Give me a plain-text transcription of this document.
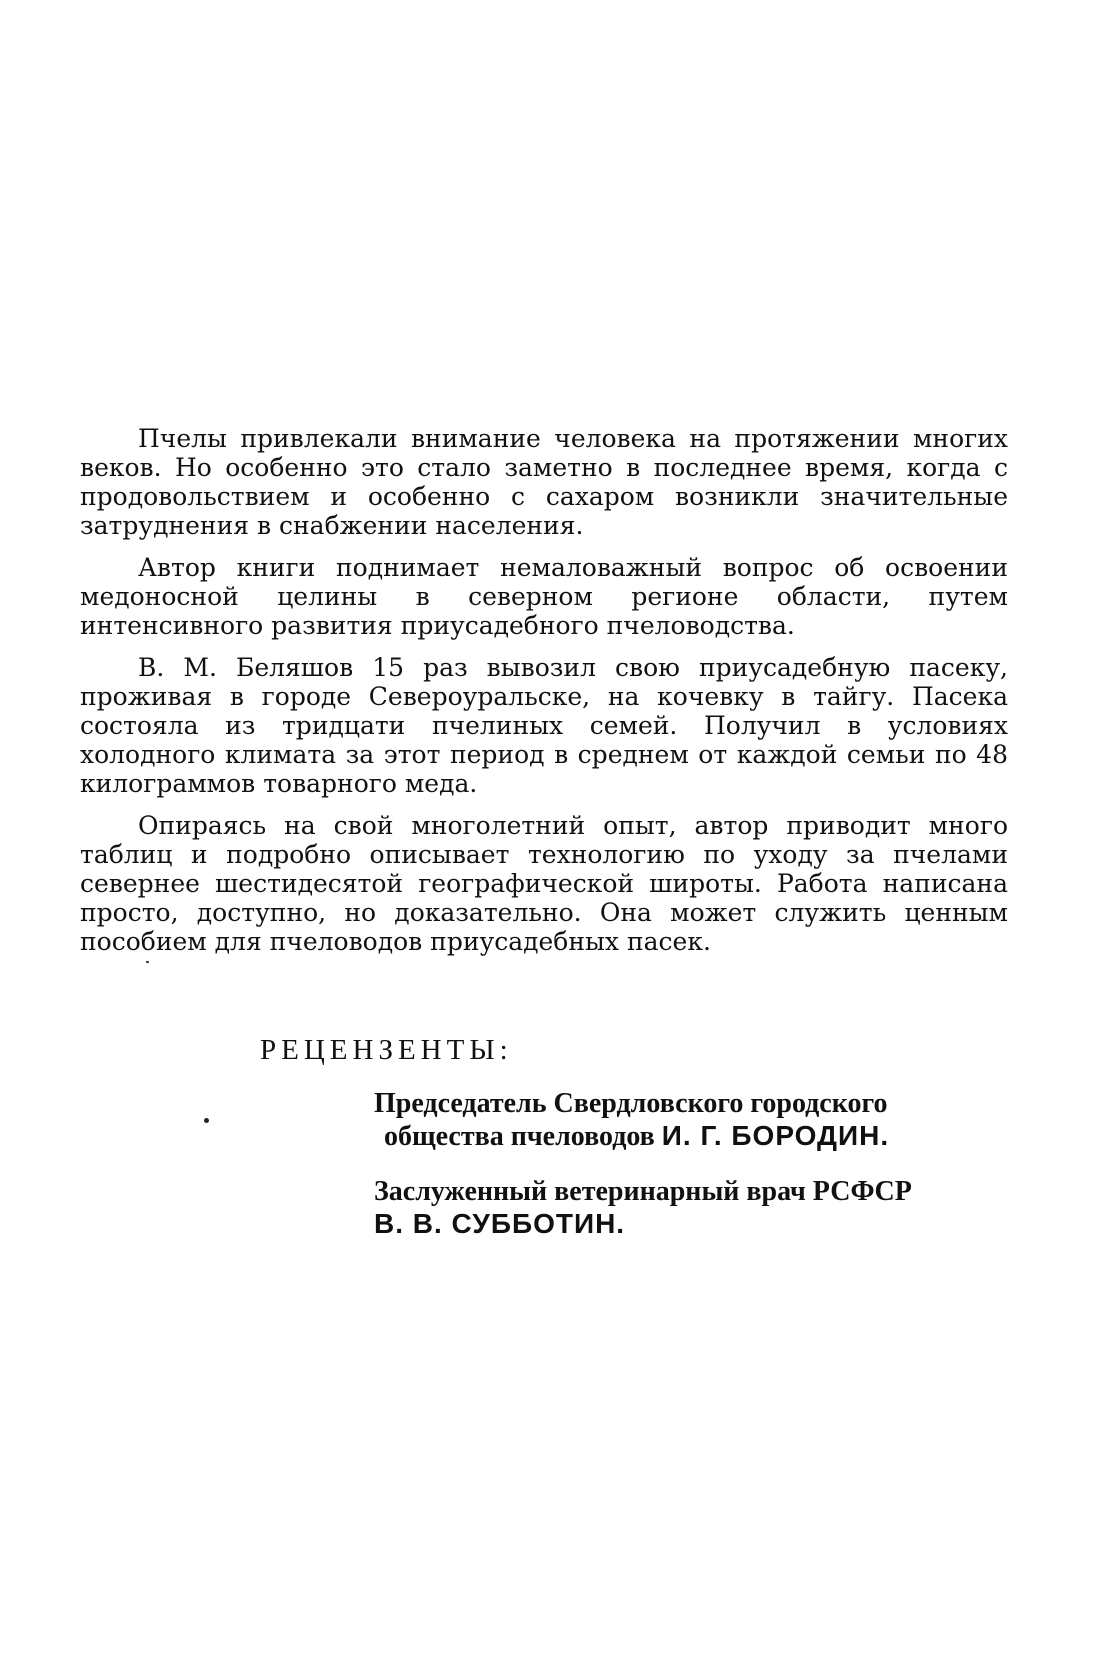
Пчелы привлекали внимание человека на протяжении многих веков. Но особенно это стало заметно в последнее время, когда с продовольствием и особенно с сахаром возникли значительные затруднения в снабжении населения.

Автор книги поднимает немаловажный вопрос об освоении медоносной целины в северном регионе области, путем интенсивного развития приусадебного пчеловодства.

В. М. Беляшов 15 раз вывозил свою приусадебную пасеку, проживая в городе Североуральске, на кочевку в тайгу. Пасека состояла из тридцати пчелиных семей. Получил в условиях холодного климата за этот период в среднем от каждой семьи по 48 килограммов товарного меда.

Опираясь на свой многолетний опыт, автор приводит много таблиц и подробно описывает технологию по уходу за пчелами севернее шестидесятой географической широты. Работа написана просто, доступно, но доказательно. Она может служить ценным пособием для пчеловодов приусадебных пасек.

РЕЦЕНЗЕНТЫ:
Председатель Свердловского городского
общества пчеловодов И. Г. БОРОДИН.
Заслуженный ветеринарный врач РСФСР
В. В. СУББОТИН.
